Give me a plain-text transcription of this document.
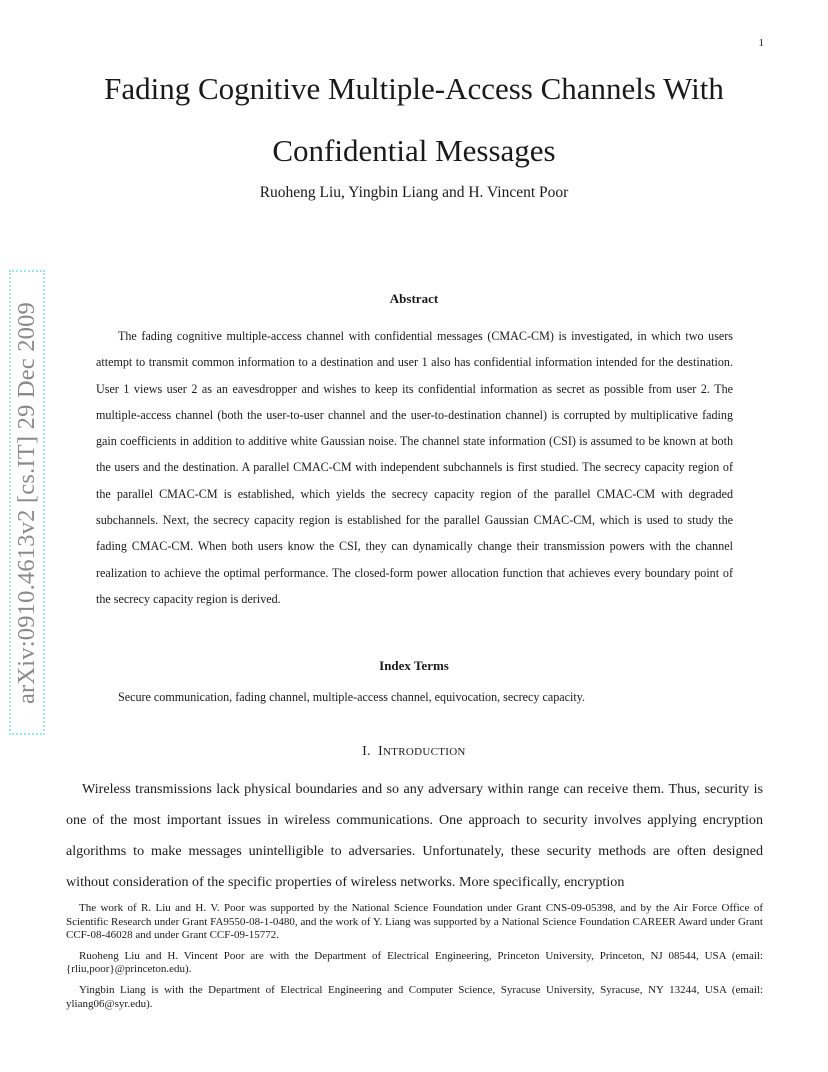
1
Fading Cognitive Multiple-Access Channels With Confidential Messages
Ruoheng Liu, Yingbin Liang and H. Vincent Poor
arXiv:0910.4613v2 [cs.IT] 29 Dec 2009
Abstract

The fading cognitive multiple-access channel with confidential messages (CMAC-CM) is investigated, in which two users attempt to transmit common information to a destination and user 1 also has confidential information intended for the destination. User 1 views user 2 as an eavesdropper and wishes to keep its confidential information as secret as possible from user 2. The multiple-access channel (both the user-to-user channel and the user-to-destination channel) is corrupted by multiplicative fading gain coefficients in addition to additive white Gaussian noise. The channel state information (CSI) is assumed to be known at both the users and the destination. A parallel CMAC-CM with independent subchannels is first studied. The secrecy capacity region of the parallel CMAC-CM is established, which yields the secrecy capacity region of the parallel CMAC-CM with degraded subchannels. Next, the secrecy capacity region is established for the parallel Gaussian CMAC-CM, which is used to study the fading CMAC-CM. When both users know the CSI, they can dynamically change their transmission powers with the channel realization to achieve the optimal performance. The closed-form power allocation function that achieves every boundary point of the secrecy capacity region is derived.

Index Terms

Secure communication, fading channel, multiple-access channel, equivocation, secrecy capacity.

I. INTRODUCTION

Wireless transmissions lack physical boundaries and so any adversary within range can receive them. Thus, security is one of the most important issues in wireless communications. One approach to security involves applying encryption algorithms to make messages unintelligible to adversaries. Unfortunately, these security methods are often designed without consideration of the specific properties of wireless networks. More specifically, encryption

The work of R. Liu and H. V. Poor was supported by the National Science Foundation under Grant CNS-09-05398, and by the Air Force Office of Scientific Research under Grant FA9550-08-1-0480, and the work of Y. Liang was supported by a National Science Foundation CAREER Award under Grant CCF-08-46028 and under Grant CCF-09-15772.

Ruoheng Liu and H. Vincent Poor are with the Department of Electrical Engineering, Princeton University, Princeton, NJ 08544, USA (email: {rliu,poor}@princeton.edu).

Yingbin Liang is with the Department of Electrical Engineering and Computer Science, Syracuse University, Syracuse, NY 13244, USA (email: yliang06@syr.edu).
